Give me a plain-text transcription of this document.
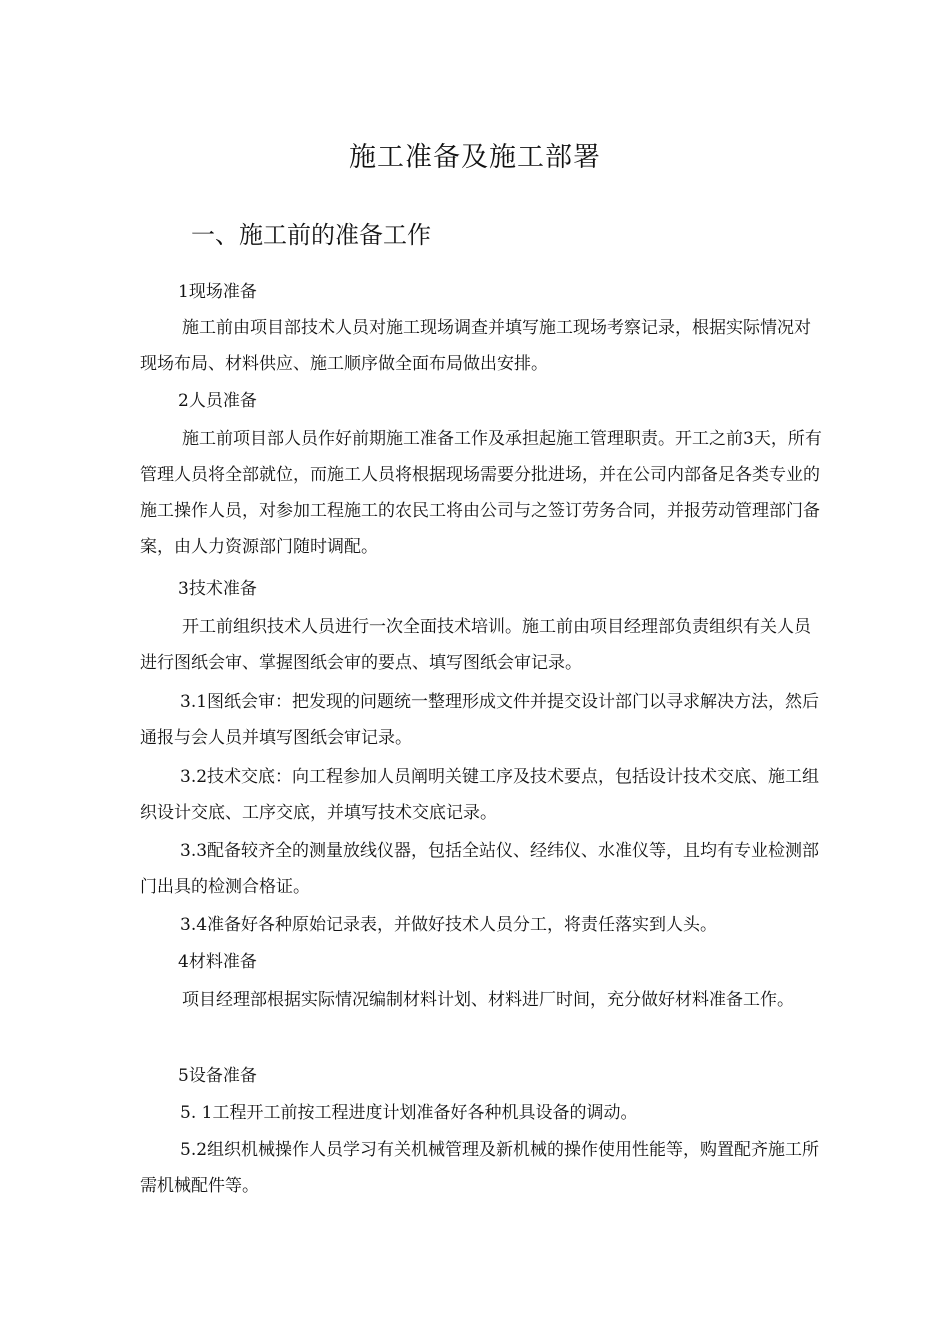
施工准备及施工部署
一、施工前的准备工作

1现场准备

施工前由项目部技术人员对施工现场调查并填写施工现场考察记录，根据实际情况对现场布局、材料供应、施工顺序做全面布局做出安排。

2人员准备

施工前项目部人员作好前期施工准备工作及承担起施工管理职责。开工之前3天，所有管理人员将全部就位，而施工人员将根据现场需要分批进场，并在公司内部备足各类专业的施工操作人员，对参加工程施工的农民工将由公司与之签订劳务合同，并报劳动管理部门备案，由人力资源部门随时调配。

3技术准备

开工前组织技术人员进行一次全面技术培训。施工前由项目经理部负责组织有关人员进行图纸会审、掌握图纸会审的要点、填写图纸会审记录。

3.1图纸会审：把发现的问题统一整理形成文件并提交设计部门以寻求解决方法，然后通报与会人员并填写图纸会审记录。

3.2技术交底：向工程参加人员阐明关键工序及技术要点，包括设计技术交底、施工组织设计交底、工序交底，并填写技术交底记录。

3.3配备较齐全的测量放线仪器，包括全站仪、经纬仪、水准仪等，且均有专业检测部门出具的检测合格证。

3.4准备好各种原始记录表，并做好技术人员分工，将责任落实到人头。

4材料准备

项目经理部根据实际情况编制材料计划、材料进厂时间，充分做好材料准备工作。

5设备准备

5. 1工程开工前按工程进度计划准备好各种机具设备的调动。

5.2组织机械操作人员学习有关机械管理及新机械的操作使用性能等，购置配齐施工所需机械配件等。
